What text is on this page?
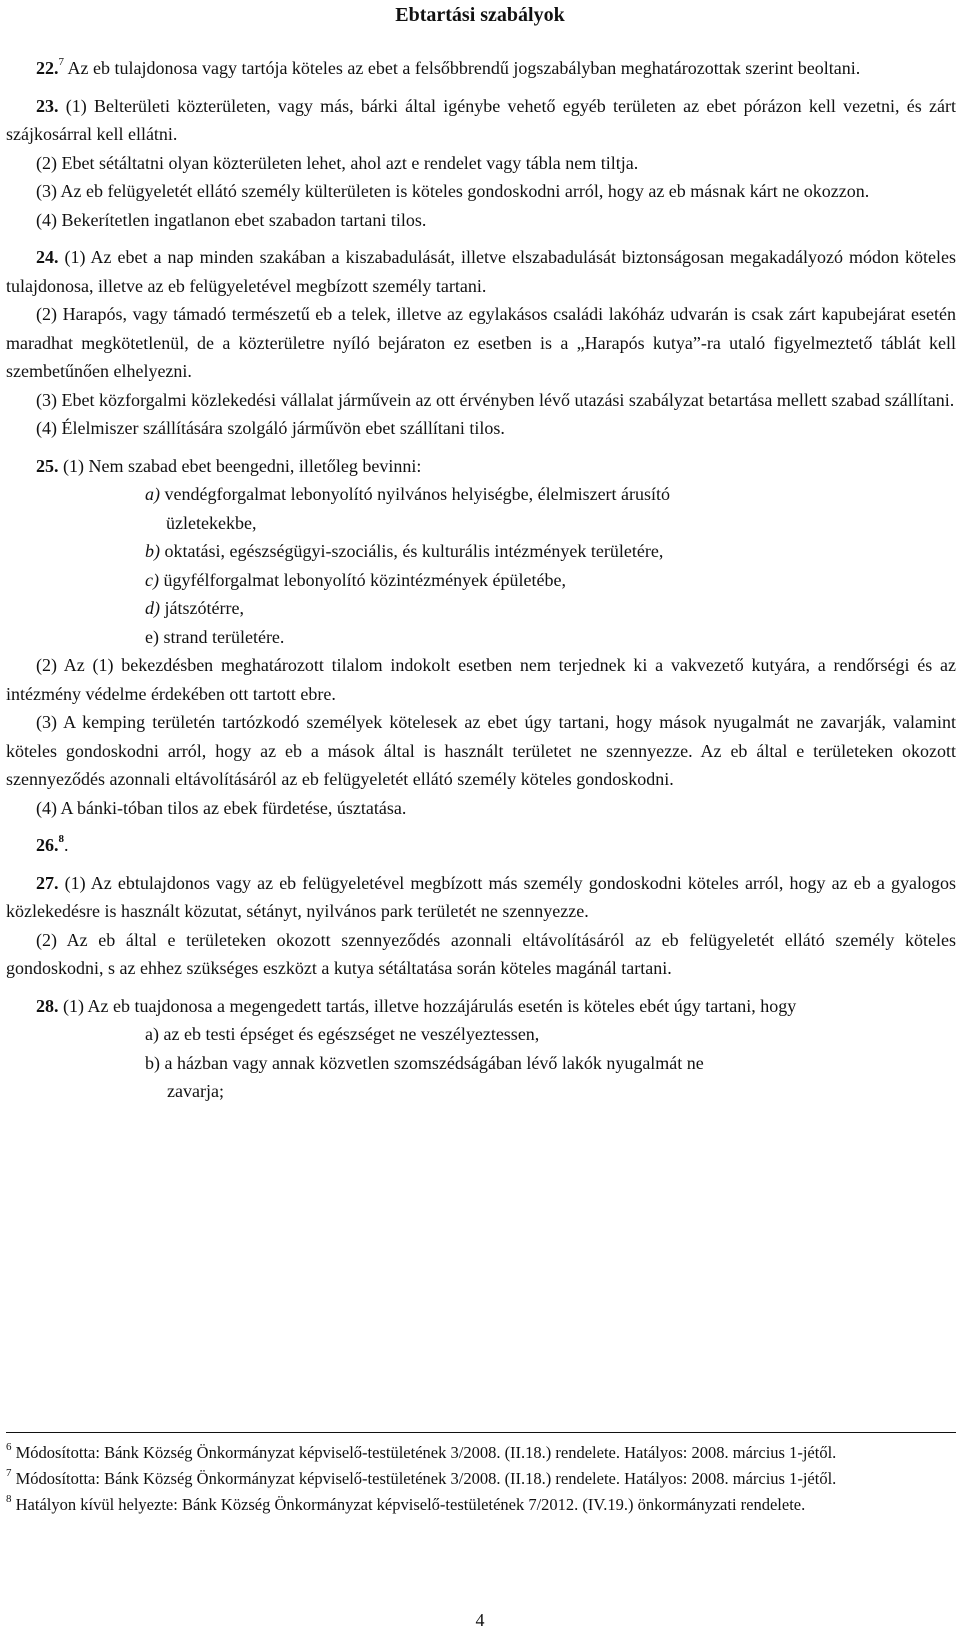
Ebtartási szabályok

22.$^7$ Az eb tulajdonosa vagy tartója köteles az ebet a felsőbbrendű jogszabályban meghatározottak szerint beoltani.

23. (1) Belterületi közterületen, vagy más, bárki által igénybe vehető egyéb területen az ebet pórázon kell vezetni, és zárt szájkosárral kell ellátni.

(2) Ebet sétáltatni olyan közterületen lehet, ahol azt e rendelet vagy tábla nem tiltja.

(3) Az eb felügyeletét ellátó személy külterületen is köteles gondoskodni arról, hogy az eb másnak kárt ne okozzon.

(4) Bekerítetlen ingatlanon ebet szabadon tartani tilos.

24. (1) Az ebet a nap minden szakában a kiszabadulását, illetve elszabadulását biztonságosan megakadályozó módon köteles tulajdonosa, illetve az eb felügyeletével megbízott személy tartani.

(2) Harapós, vagy támadó természetű eb a telek, illetve az egylakásos családi lakóház udvarán is csak zárt kapubejárat esetén maradhat megkötetlenül, de a közterületre nyíló bejáraton ez esetben is a „Harapós kutya”-ra utaló figyelmeztető táblát kell szembetűnően elhelyezni.

(3) Ebet közforgalmi közlekedési vállalat járművein az ott érvényben lévő utazási szabályzat betartása mellett szabad szállítani.

(4) Élelmiszer szállítására szolgáló járművön ebet szállítani tilos.

25. (1) Nem szabad ebet beengedni, illetőleg bevinni:

a) vendégforgalmat lebonyolító nyilvános helyiségbe, élelmiszert árusító
üzletekekbe,
b) oktatási, egészségügyi-szociális, és kulturális intézmények területére,
c) ügyfélforgalmat lebonyolító közintézmények épületébe,
d) játszótérre,
e) strand területére.

(2) Az (1) bekezdésben meghatározott tilalom indokolt esetben nem terjednek ki a vakvezető kutyára, a rendőrségi és az intézmény védelme érdekében ott tartott ebre.

(3) A kemping területén tartózkodó személyek kötelesek az ebet úgy tartani, hogy mások nyugalmát ne zavarják, valamint köteles gondoskodni arról, hogy az eb a mások által is használt területet ne szennyezze. Az eb által e területeken okozott szennyeződés azonnali eltávolításáról az eb felügyeletét ellátó személy köteles gondoskodni.

(4) A bánki-tóban tilos az ebek fürdetése, úsztatása.

26.$^8$.

27. (1) Az ebtulajdonos vagy az eb felügyeletével megbízott más személy gondoskodni köteles arról, hogy az eb a gyalogos közlekedésre is használt közutat, sétányt, nyilvános park területét ne szennyezze.

(2) Az eb által e területeken okozott szennyeződés azonnali eltávolításáról az eb felügyeletét ellátó személy köteles gondoskodni, s az ehhez szükséges eszközt a kutya sétáltatása során köteles magánál tartani.

28. (1) Az eb tuajdonosa a megengedett tartás, illetve hozzájárulás esetén is köteles ebét úgy tartani, hogy

a) az eb testi épséget és egészséget ne veszélyeztessen,
b) a házban vagy annak közvetlen szomszédságában lévő lakók nyugalmát ne
zavarja;

$^6$ Módosította: Bánk Község Önkormányzat képviselő-testületének 3/2008. (II.18.) rendelete. Hatályos: 2008. március 1-jétől.

$^7$ Módosította: Bánk Község Önkormányzat képviselő-testületének 3/2008. (II.18.) rendelete. Hatályos: 2008. március 1-jétől.

$^8$ Hatályon kívül helyezte: Bánk Község Önkormányzat képviselő-testületének 7/2012. (IV.19.) önkormányzati rendelete.

4
